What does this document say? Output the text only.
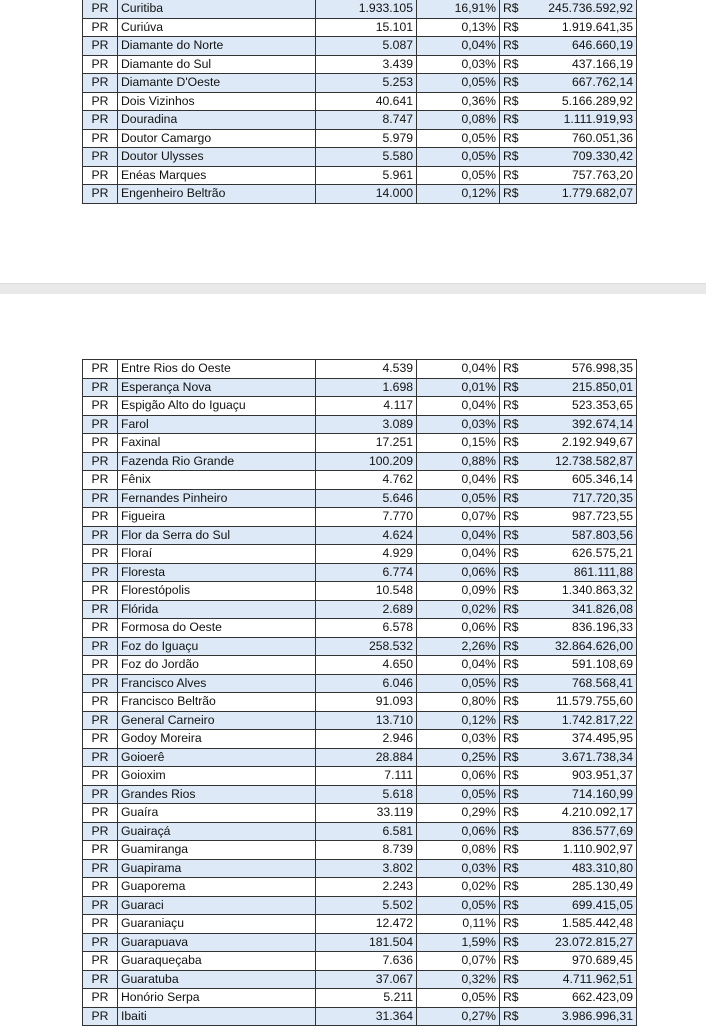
PR	Curitiba	1.933.105	16,91%	R$	245.736.592,92
PR	Curiúva	15.101	0,13%	R$	1.919.641,35
PR	Diamante do Norte	5.087	0,04%	R$	646.660,19
PR	Diamante do Sul	3.439	0,03%	R$	437.166,19
PR	Diamante D'Oeste	5.253	0,05%	R$	667.762,14
PR	Dois Vizinhos	40.641	0,36%	R$	5.166.289,92
PR	Douradina	8.747	0,08%	R$	1.111.919,93
PR	Doutor Camargo	5.979	0,05%	R$	760.051,36
PR	Doutor Ulysses	5.580	0,05%	R$	709.330,42
PR	Enéas Marques	5.961	0,05%	R$	757.763,20
PR	Engenheiro Beltrão	14.000	0,12%	R$	1.779.682,07
PR	Entre Rios do Oeste	4.539	0,04%	R$	576.998,35
PR	Esperança Nova	1.698	0,01%	R$	215.850,01
PR	Espigão Alto do Iguaçu	4.117	0,04%	R$	523.353,65
PR	Farol	3.089	0,03%	R$	392.674,14
PR	Faxinal	17.251	0,15%	R$	2.192.949,67
PR	Fazenda Rio Grande	100.209	0,88%	R$	12.738.582,87
PR	Fênix	4.762	0,04%	R$	605.346,14
PR	Fernandes Pinheiro	5.646	0,05%	R$	717.720,35
PR	Figueira	7.770	0,07%	R$	987.723,55
PR	Flor da Serra do Sul	4.624	0,04%	R$	587.803,56
PR	Floraí	4.929	0,04%	R$	626.575,21
PR	Floresta	6.774	0,06%	R$	861.111,88
PR	Florestópolis	10.548	0,09%	R$	1.340.863,32
PR	Flórida	2.689	0,02%	R$	341.826,08
PR	Formosa do Oeste	6.578	0,06%	R$	836.196,33
PR	Foz do Iguaçu	258.532	2,26%	R$	32.864.626,00
PR	Foz do Jordão	4.650	0,04%	R$	591.108,69
PR	Francisco Alves	6.046	0,05%	R$	768.568,41
PR	Francisco Beltrão	91.093	0,80%	R$	11.579.755,60
PR	General Carneiro	13.710	0,12%	R$	1.742.817,22
PR	Godoy Moreira	2.946	0,03%	R$	374.495,95
PR	Goioerê	28.884	0,25%	R$	3.671.738,34
PR	Goioxim	7.111	0,06%	R$	903.951,37
PR	Grandes Rios	5.618	0,05%	R$	714.160,99
PR	Guaíra	33.119	0,29%	R$	4.210.092,17
PR	Guairaçá	6.581	0,06%	R$	836.577,69
PR	Guamiranga	8.739	0,08%	R$	1.110.902,97
PR	Guapirama	3.802	0,03%	R$	483.310,80
PR	Guaporema	2.243	0,02%	R$	285.130,49
PR	Guaraci	5.502	0,05%	R$	699.415,05
PR	Guaraniaçu	12.472	0,11%	R$	1.585.442,48
PR	Guarapuava	181.504	1,59%	R$	23.072.815,27
PR	Guaraqueçaba	7.636	0,07%	R$	970.689,45
PR	Guaratuba	37.067	0,32%	R$	4.711.962,51
PR	Honório Serpa	5.211	0,05%	R$	662.423,09
PR	Ibaiti	31.364	0,27%	R$	3.986.996,31
